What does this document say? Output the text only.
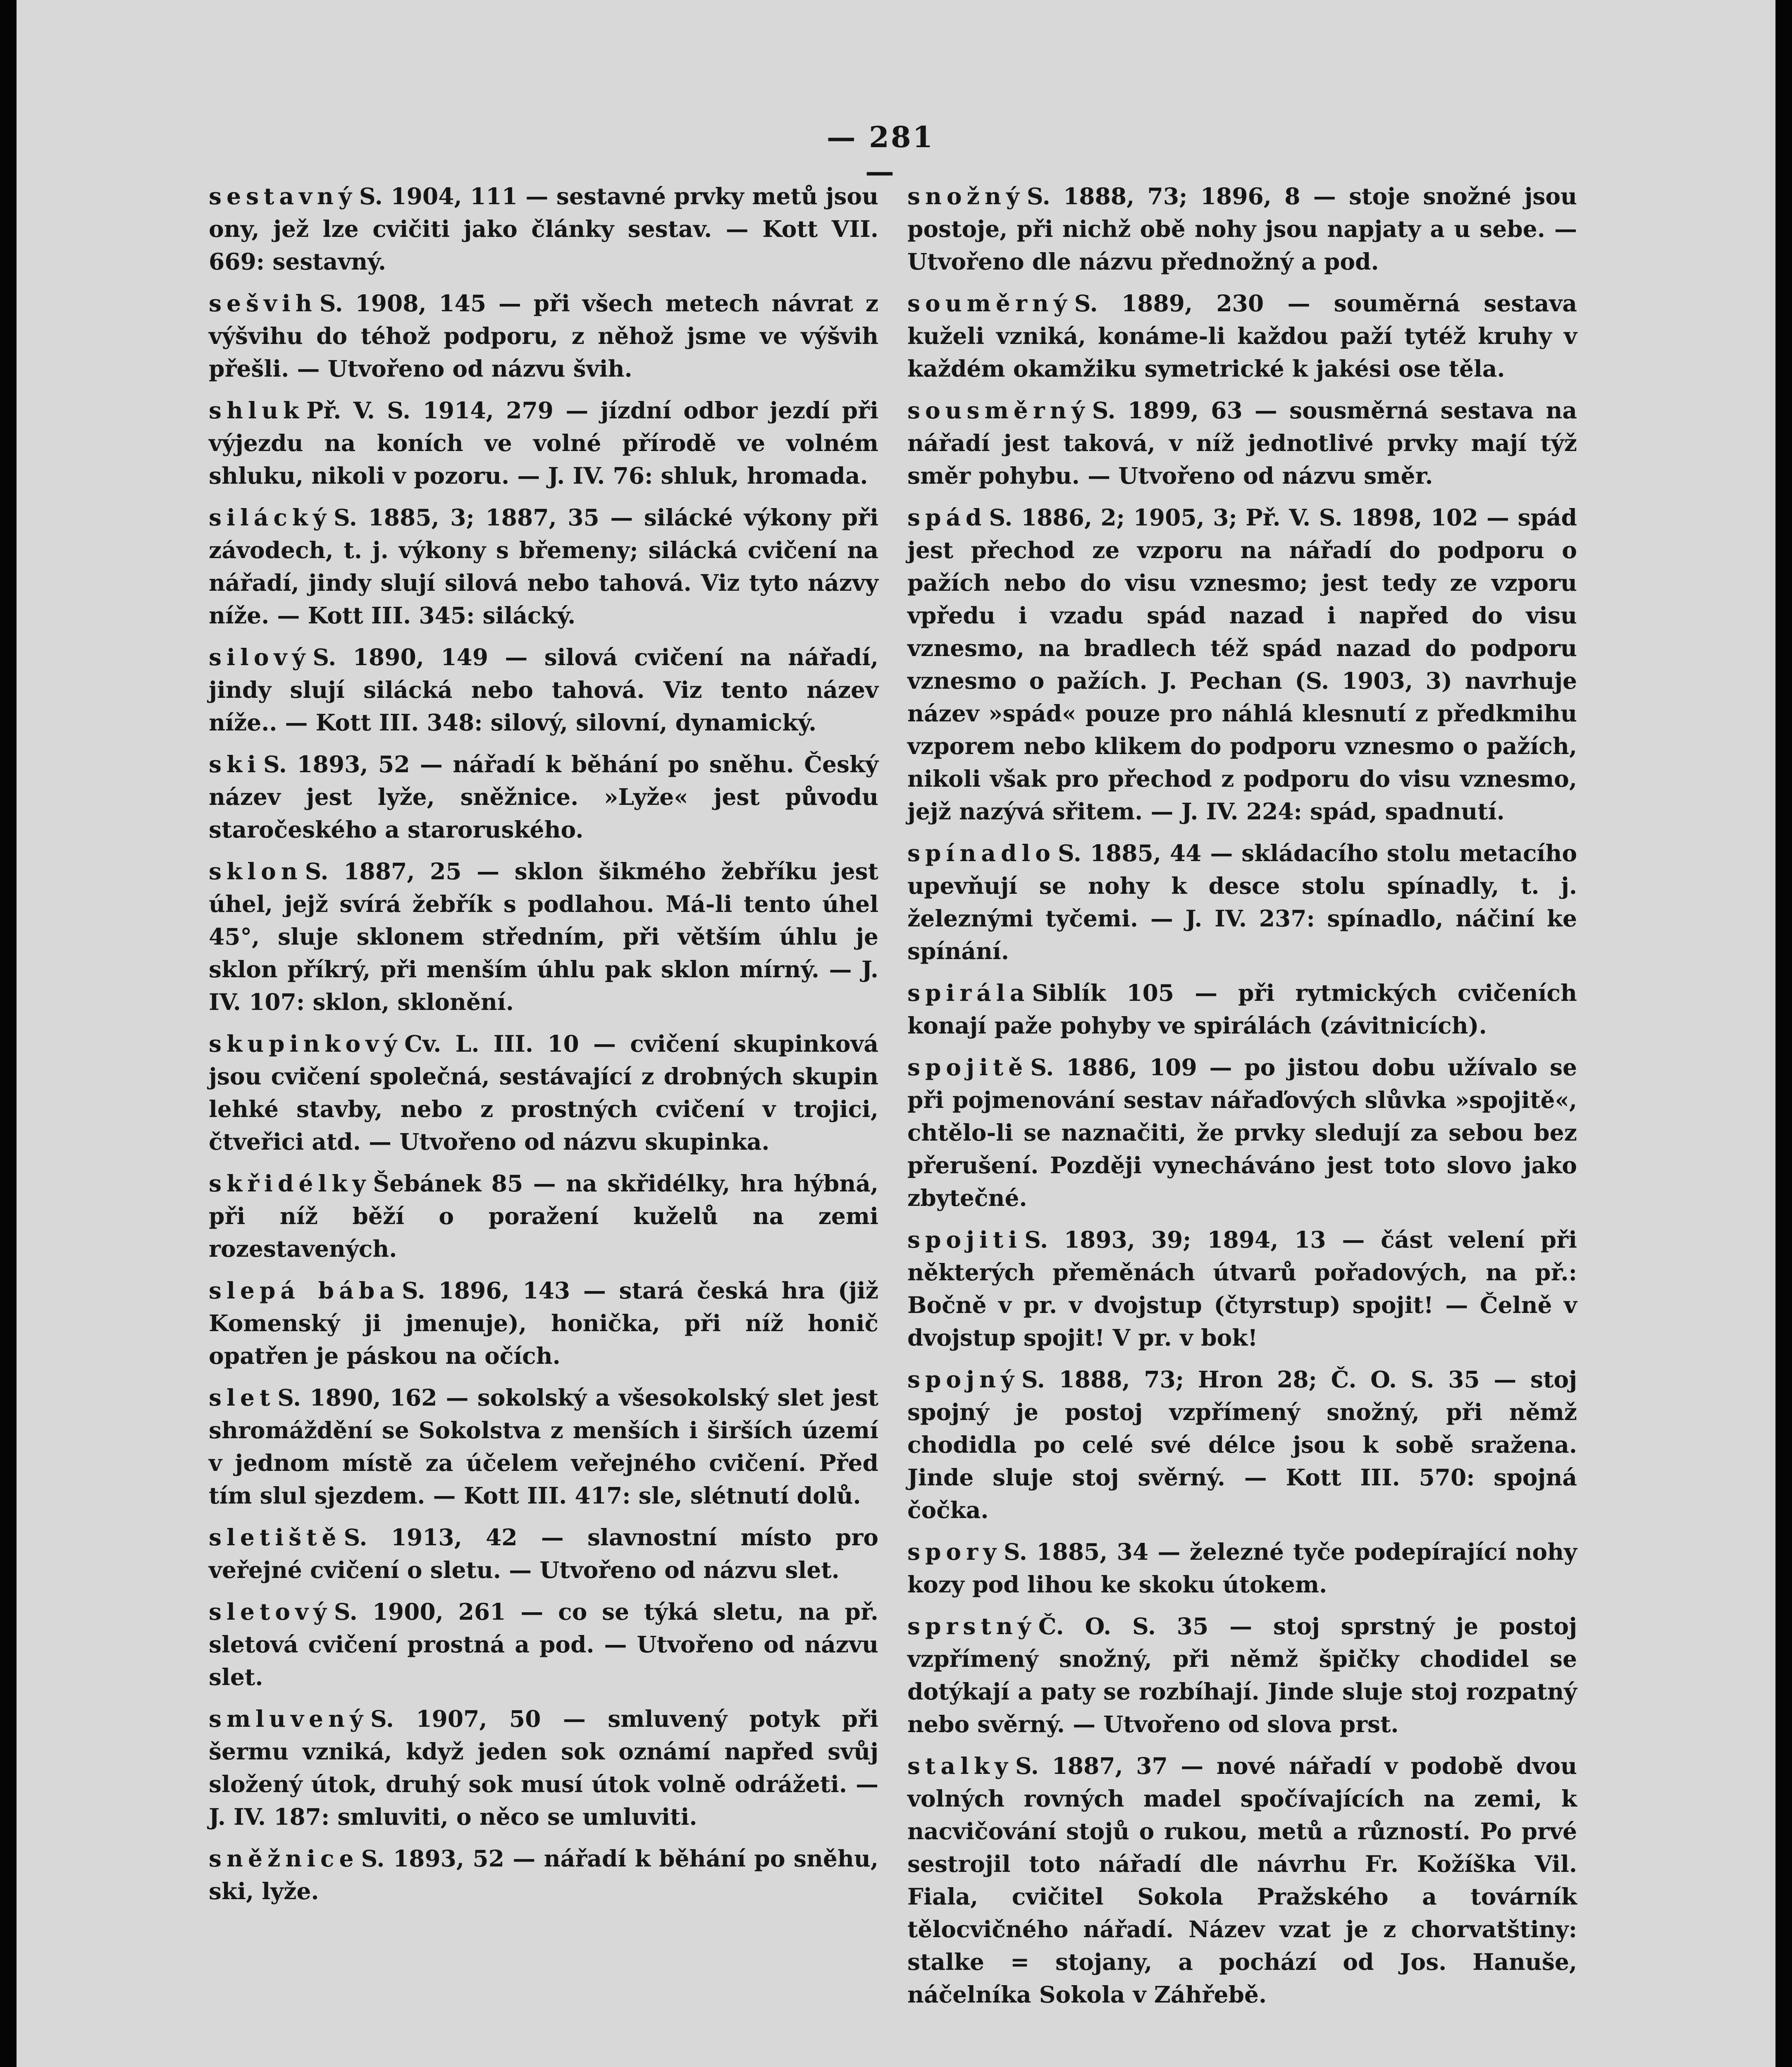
— 281 —

sestavný S. 1904, 111 — sestavné prvky metů jsou ony, jež lze cvičiti jako články sestav. — Kott VII. 669: sestavný.

sešvih S. 1908, 145 — při všech metech návrat z výšvihu do téhož podporu, z něhož jsme ve výšvih přešli. — Utvořeno od názvu švih.

shluk Př. V. S. 1914, 279 — jízdní odbor jezdí při výjezdu na koních ve volné přírodě ve volném shluku, nikoli v pozoru. — J. IV. 76: shluk, hromada.

silácký S. 1885, 3; 1887, 35 — silácké výkony při závodech, t. j. výkony s břemeny; silácká cvičení na nářadí, jindy slují silová nebo tahová. Viz tyto názvy níže. — Kott III. 345: silácký.

silový S. 1890, 149 — silová cvičení na nářadí, jindy slují silácká nebo tahová. Viz tento název níže.. — Kott III. 348: silový, silovní, dynamický.

ski S. 1893, 52 — nářadí k běhání po sněhu. Český název jest lyže, sněžnice. »Lyže« jest původu staročeského a staroruského.

sklon S. 1887, 25 — sklon šikmého žebříku jest úhel, jejž svírá žebřík s podlahou. Má-li tento úhel 45°, sluje sklonem středním, při větším úhlu je sklon příkrý, při menším úhlu pak sklon mírný. — J. IV. 107: sklon, sklonění.

skupinkový Cv. L. III. 10 — cvičení skupinková jsou cvičení společná, sestávající z drobných skupin lehké stavby, nebo z prostných cvičení v trojici, čtveřici atd. — Utvořeno od názvu skupinka.

skřidélky Šebánek 85 — na skřidélky, hra hýbná, při níž běží o poražení kuželů na zemi rozestavených.

slepá bába S. 1896, 143 — stará česká hra (již Komenský ji jmenuje), honička, při níž honič opatřen je páskou na očích.

slet S. 1890, 162 — sokolský a všesokolský slet jest shromáždění se Sokolstva z menších i širších území v jednom místě za účelem veřejného cvičení. Před tím slul sjezdem. — Kott III. 417: sle, slétnutí dolů.

sletiště S. 1913, 42 — slavnostní místo pro veřejné cvičení o sletu. — Utvořeno od názvu slet.

sletový S. 1900, 261 — co se týká sletu, na př. sletová cvičení prostná a pod. — Utvořeno od názvu slet.

smluvený S. 1907, 50 — smluvený potyk při šermu vzniká, když jeden sok oznámí napřed svůj složený útok, druhý sok musí útok volně odrážeti. — J. IV. 187: smluviti, o něco se umluviti.

sněžnice S. 1893, 52 — nářadí k běhání po sněhu, ski, lyže.

snožný S. 1888, 73; 1896, 8 — stoje snožné jsou postoje, při nichž obě nohy jsou napjaty a u sebe. — Utvořeno dle názvu přednožný a pod.

souměrný S. 1889, 230 — souměrná sestava kuželi vzniká, konáme-li každou paží tytéž kruhy v každém okamžiku symetrické k jakési ose těla.

sousměrný S. 1899, 63 — sousměrná sestava na nářadí jest taková, v níž jednotlivé prvky mají týž směr pohybu. — Utvořeno od názvu směr.

spád S. 1886, 2; 1905, 3; Př. V. S. 1898, 102 — spád jest přechod ze vzporu na nářadí do podporu o pažích nebo do visu vznesmo; jest tedy ze vzporu vpředu i vzadu spád nazad i napřed do visu vznesmo, na bradlech též spád nazad do podporu vznesmo o pažích. J. Pechan (S. 1903, 3) navrhuje název »spád« pouze pro náhlá klesnutí z předkmihu vzporem nebo klikem do podporu vznesmo o pažích, nikoli však pro přechod z podporu do visu vznesmo, jejž nazývá sřitem. — J. IV. 224: spád, spadnutí.

spínadlo S. 1885, 44 — skládacího stolu metacího upevňují se nohy k desce stolu spínadly, t. j. železnými tyčemi. — J. IV. 237: spínadlo, náčiní ke spínání.

spirála Siblík 105 — při rytmických cvičeních konají paže pohyby ve spirálách (závitnicích).

spojitě S. 1886, 109 — po jistou dobu užívalo se při pojmenování sestav nářaďových slůvka »spojitě«, chtělo-li se naznačiti, že prvky sledují za sebou bez přerušení. Později vynecháváno jest toto slovo jako zbytečné.

spojiti S. 1893, 39; 1894, 13 — část velení při některých přeměnách útvarů pořadových, na př.: Bočně v pr. v dvojstup (čtyrstup) spojit! — Čelně v dvojstup spojit! V pr. v bok!

spojný S. 1888, 73; Hron 28; Č. O. S. 35 — stoj spojný je postoj vzpřímený snožný, při němž chodidla po celé své délce jsou k sobě sražena. Jinde sluje stoj svěrný. — Kott III. 570: spojná čočka.

spory S. 1885, 34 — železné tyče podepírající nohy kozy pod lihou ke skoku útokem.

sprstný Č. O. S. 35 — stoj sprstný je postoj vzpřímený snožný, při němž špičky chodidel se dotýkají a paty se rozbíhají. Jinde sluje stoj rozpatný nebo svěrný. — Utvořeno od slova prst.

stalky S. 1887, 37 — nové nářadí v podobě dvou volných rovných madel spočívajících na zemi, k nacvičování stojů o rukou, metů a růzností. Po prvé sestrojil toto nářadí dle návrhu Fr. Kožíška Vil. Fiala, cvičitel Sokola Pražského a továrník tělocvičného nářadí. Název vzat je z chorvatštiny: stalke = stojany, a pochází od Jos. Hanuše, náčelníka Sokola v Záhřebě.
